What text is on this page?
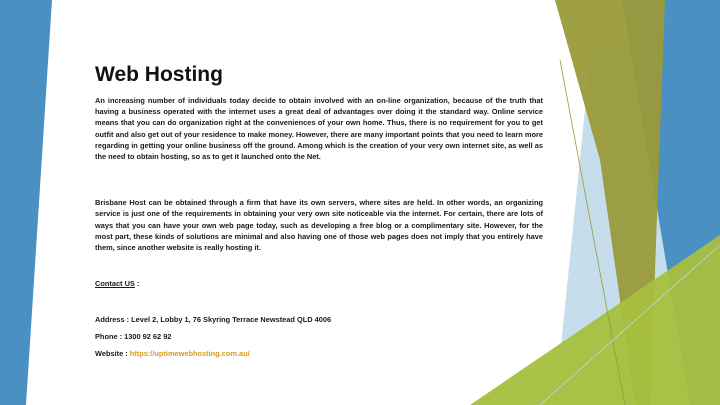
Web Hosting

An increasing number of individuals today decide to obtain involved with an on-line organization, because of the truth that having a business operated with the internet uses a great deal of advantages over doing it the standard way. Online service means that you can do organization right at the conveniences of your own home. Thus, there is no requirement for you to get outfit and also get out of your residence to make money. However, there are many important points that you need to learn more regarding in getting your online business off the ground. Among which is the creation of your very own internet site, as well as the need to obtain hosting, so as to get it launched onto the Net.

Brisbane Host can be obtained through a firm that have its own servers, where sites are held. In other words, an organizing service is just one of the requirements in obtaining your very own site noticeable via the internet. For certain, there are lots of ways that you can have your own web page today, such as developing a free blog or a complimentary site. However, for the most part, these kinds of solutions are minimal and also having one of those web pages does not imply that you entirely have them, since another website is really hosting it.

Contact US :
Address : Level 2, Lobby 1, 76 Skyring Terrace Newstead QLD 4006
Phone : 1300 92 62 92
Website : https://uptimewebhosting.com.au/
